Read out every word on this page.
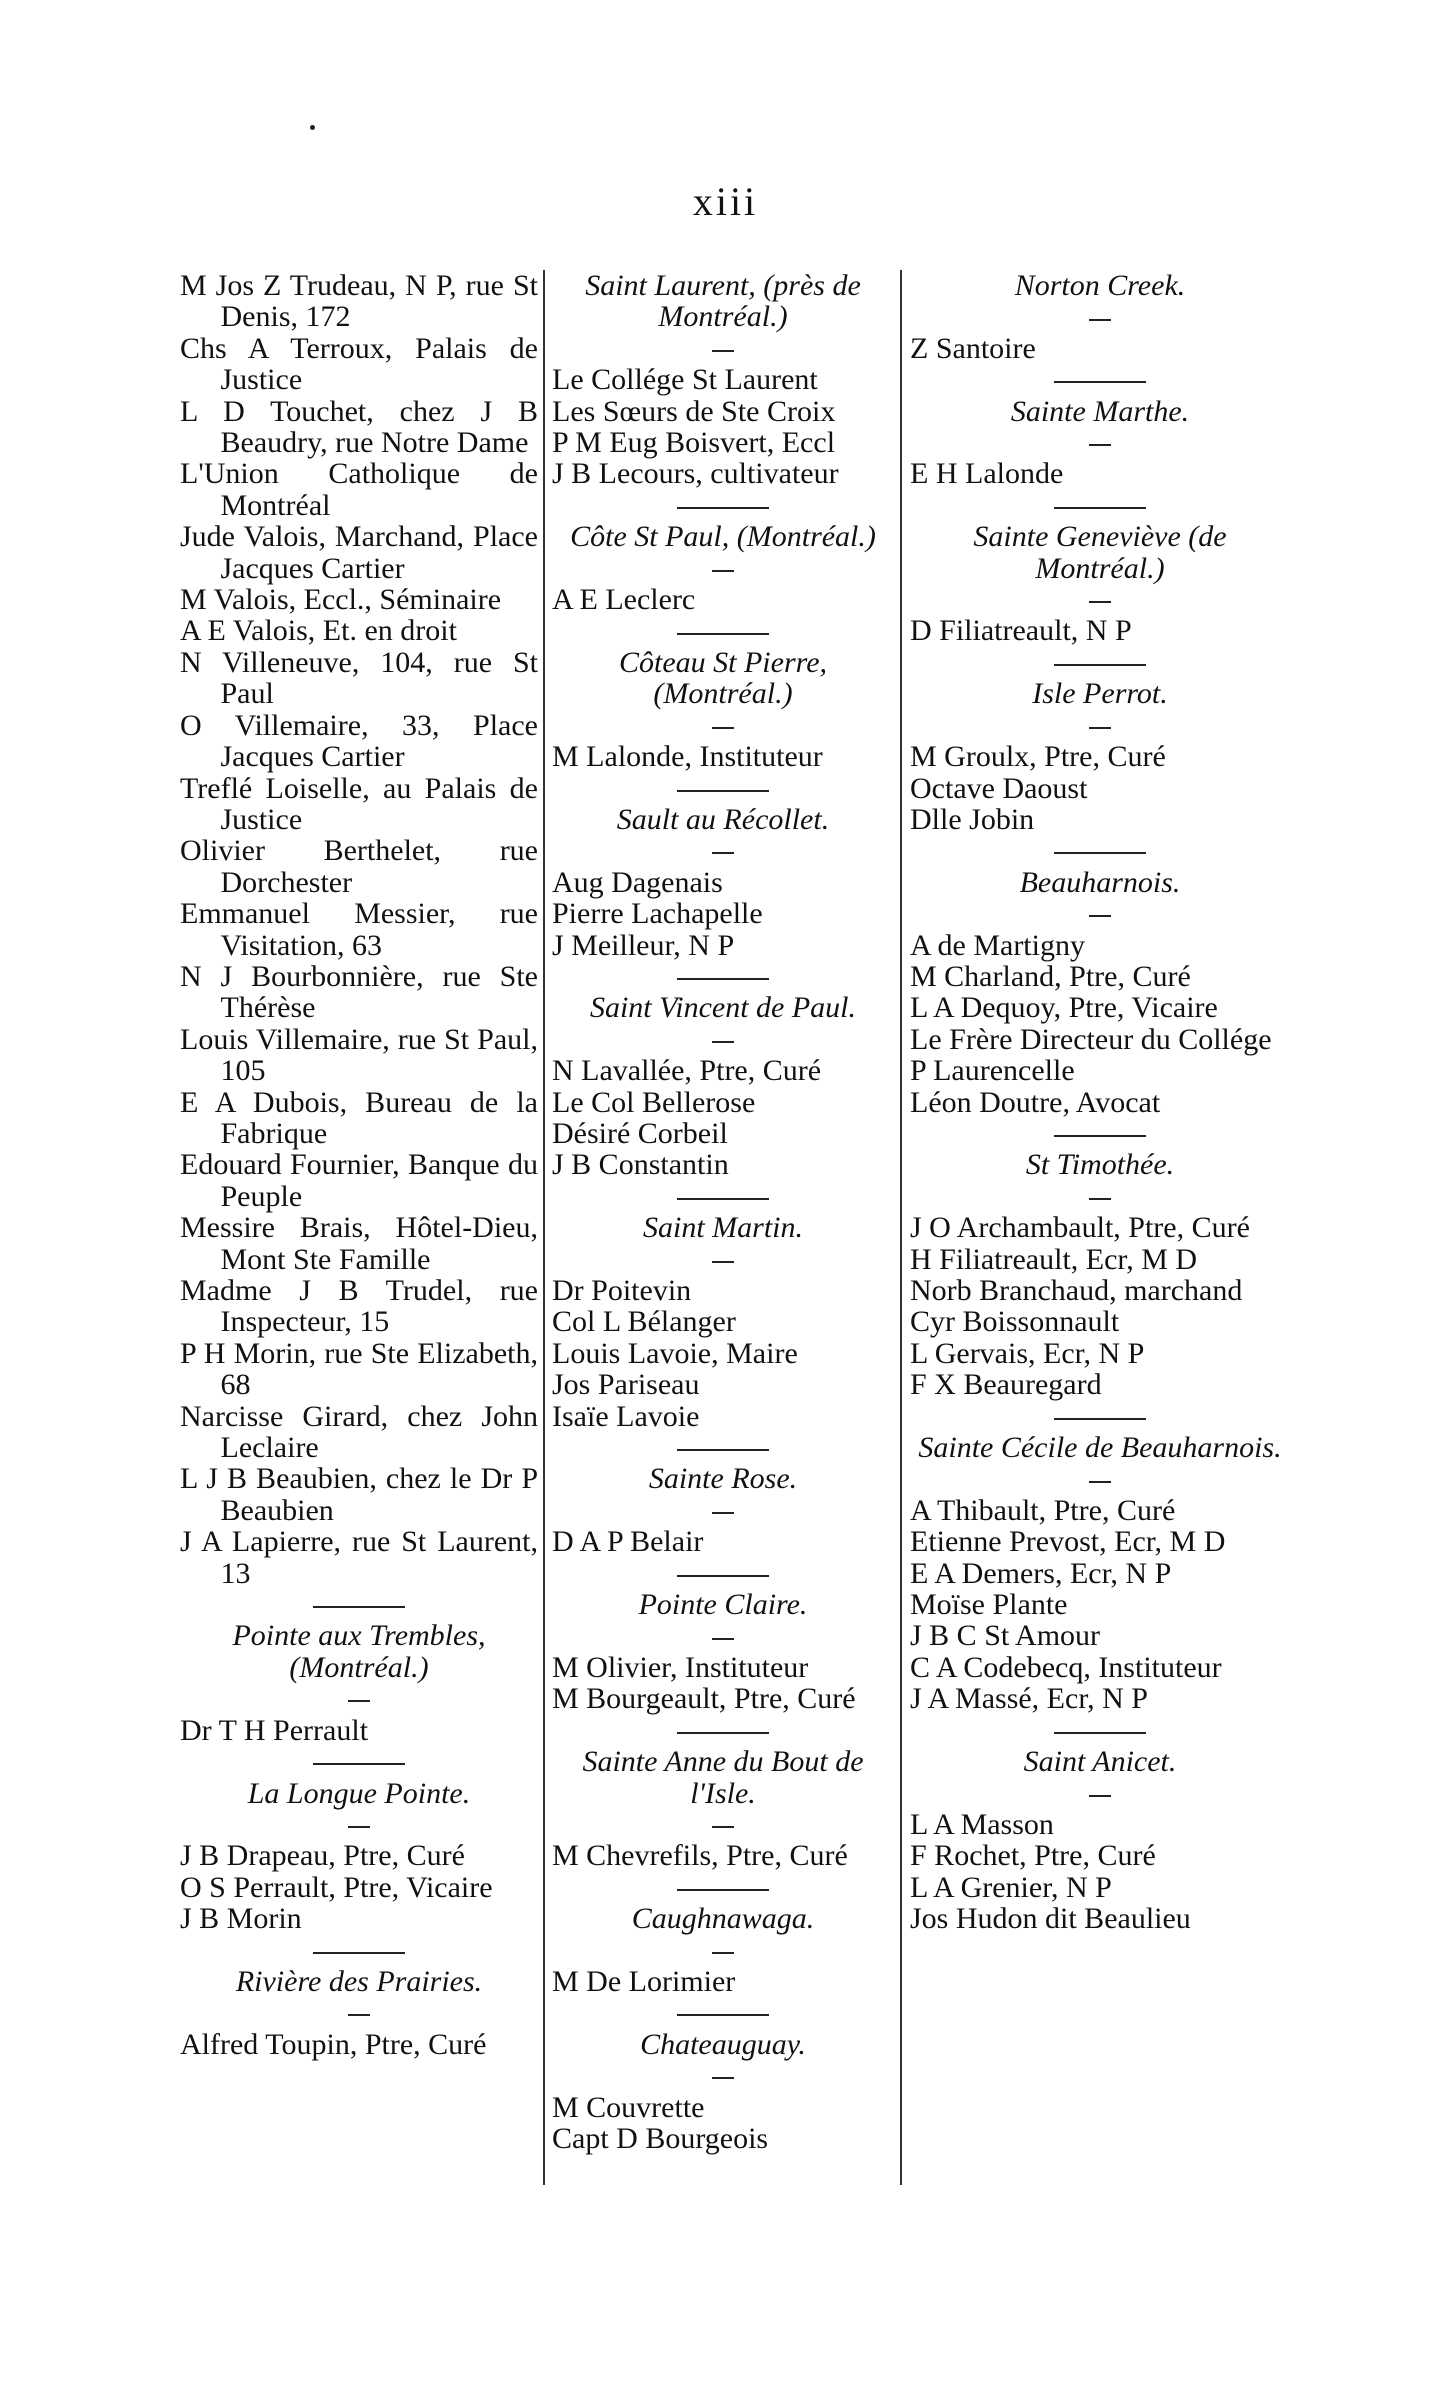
xiii

M Jos Z Trudeau, N P, rue St Denis, 172

Chs A Terroux, Palais de Justice

L D Touchet, chez J B Beaudry, rue Notre Dame

L'Union Catholique de Montréal

Jude Valois, Marchand, Place Jacques Cartier

M Valois, Eccl., Séminaire

A E Valois, Et. en droit

N Villeneuve, 104, rue St Paul

O Villemaire, 33, Place Jacques Cartier

Treflé Loiselle, au Palais de Justice

Olivier Berthelet, rue Dorchester

Emmanuel Messier, rue Visitation, 63

N J Bourbonnière, rue Ste Thérèse

Louis Villemaire, rue St Paul, 105

E A Dubois, Bureau de la Fabrique

Edouard Fournier, Banque du Peuple

Messire Brais, Hôtel-Dieu, Mont Ste Famille

Madme J B Trudel, rue Inspecteur, 15

P H Morin, rue Ste Elizabeth, 68

Narcisse Girard, chez John Leclaire

L J B Beaubien, chez le Dr P Beaubien

J A Lapierre, rue St Laurent, 13

Pointe aux Trembles, (Montréal.)

Dr T H Perrault

La Longue Pointe.

J B Drapeau, Ptre, Curé

O S Perrault, Ptre, Vicaire

J B Morin

Rivière des Prairies.

Alfred Toupin, Ptre, Curé

Saint Laurent, (près de Montréal.)

Le Collége St Laurent

Les Sœurs de Ste Croix

P M Eug Boisvert, Eccl

J B Lecours, cultivateur

Côte St Paul, (Montréal.)

A E Leclerc

Côteau St Pierre, (Montréal.)

M Lalonde, Instituteur

Sault au Récollet.

Aug Dagenais

Pierre Lachapelle

J Meilleur, N P

Saint Vincent de Paul.

N Lavallée, Ptre, Curé

Le Col Bellerose

Désiré Corbeil

J B Constantin

Saint Martin.

Dr Poitevin

Col L Bélanger

Louis Lavoie, Maire

Jos Pariseau

Isaïe Lavoie

Sainte Rose.

D A P Belair

Pointe Claire.

M Olivier, Instituteur

M Bourgeault, Ptre, Curé

Sainte Anne du Bout de l'Isle.

M Chevrefils, Ptre, Curé

Caughnawaga.

M De Lorimier

Chateauguay.

M Couvrette

Capt D Bourgeois

Norton Creek.

Z Santoire

Sainte Marthe.

E H Lalonde

Sainte Geneviève (de Montréal.)

D Filiatreault, N P

Isle Perrot.

M Groulx, Ptre, Curé

Octave Daoust

Dlle Jobin

Beauharnois.

A de Martigny

M Charland, Ptre, Curé

L A Dequoy, Ptre, Vicaire

Le Frère Directeur du Collége

P Laurencelle

Léon Doutre, Avocat

St Timothée.

J O Archambault, Ptre, Curé

H Filiatreault, Ecr, M D

Norb Branchaud, marchand

Cyr Boissonnault

L Gervais, Ecr, N P

F X Beauregard

Sainte Cécile de Beauharnois.

A Thibault, Ptre, Curé

Etienne Prevost, Ecr, M D

E A Demers, Ecr, N P

Moïse Plante

J B C St Amour

C A Codebecq, Instituteur

J A Massé, Ecr, N P

Saint Anicet.

L A Masson

F Rochet, Ptre, Curé

L A Grenier, N P

Jos Hudon dit Beaulieu
